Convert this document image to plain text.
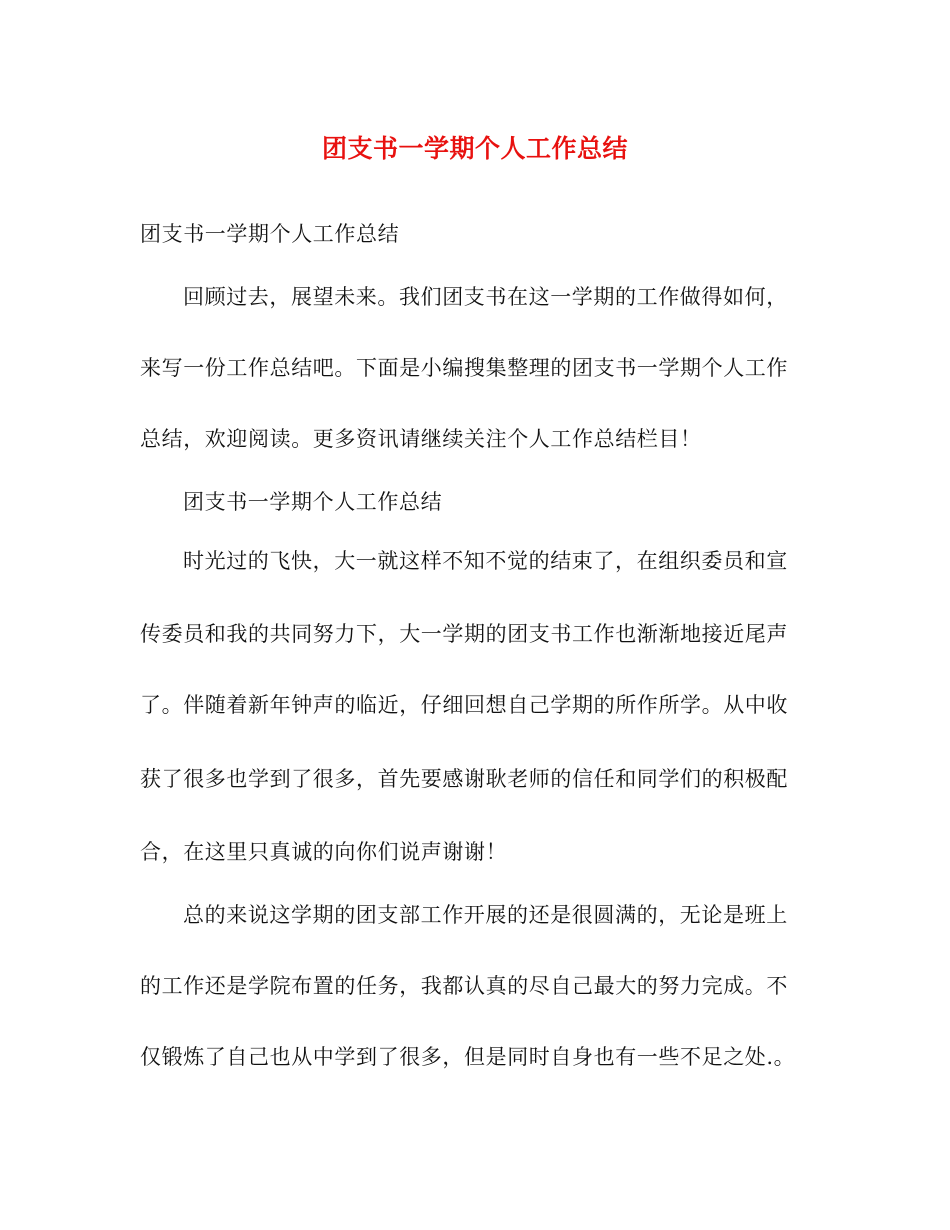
团支书一学期个人工作总结

团支书一学期个人工作总结

回顾过去，展望未来。我们团支书在这一学期的工作做得如何，

来写一份工作总结吧。下面是小编搜集整理的团支书一学期个人工作

总结，欢迎阅读。更多资讯请继续关注个人工作总结栏目！

团支书一学期个人工作总结

时光过的飞快，大一就这样不知不觉的结束了，在组织委员和宣

传委员和我的共同努力下，大一学期的团支书工作也渐渐地接近尾声

了。伴随着新年钟声的临近，仔细回想自己学期的所作所学。从中收

获了很多也学到了很多，首先要感谢耿老师的信任和同学们的积极配

合，在这里只真诚的向你们说声谢谢！

总的来说这学期的团支部工作开展的还是很圆满的，无论是班上

的工作还是学院布置的任务，我都认真的尽自己最大的努力完成。不

仅锻炼了自己也从中学到了很多，但是同时自身也有一些不足之处.。
